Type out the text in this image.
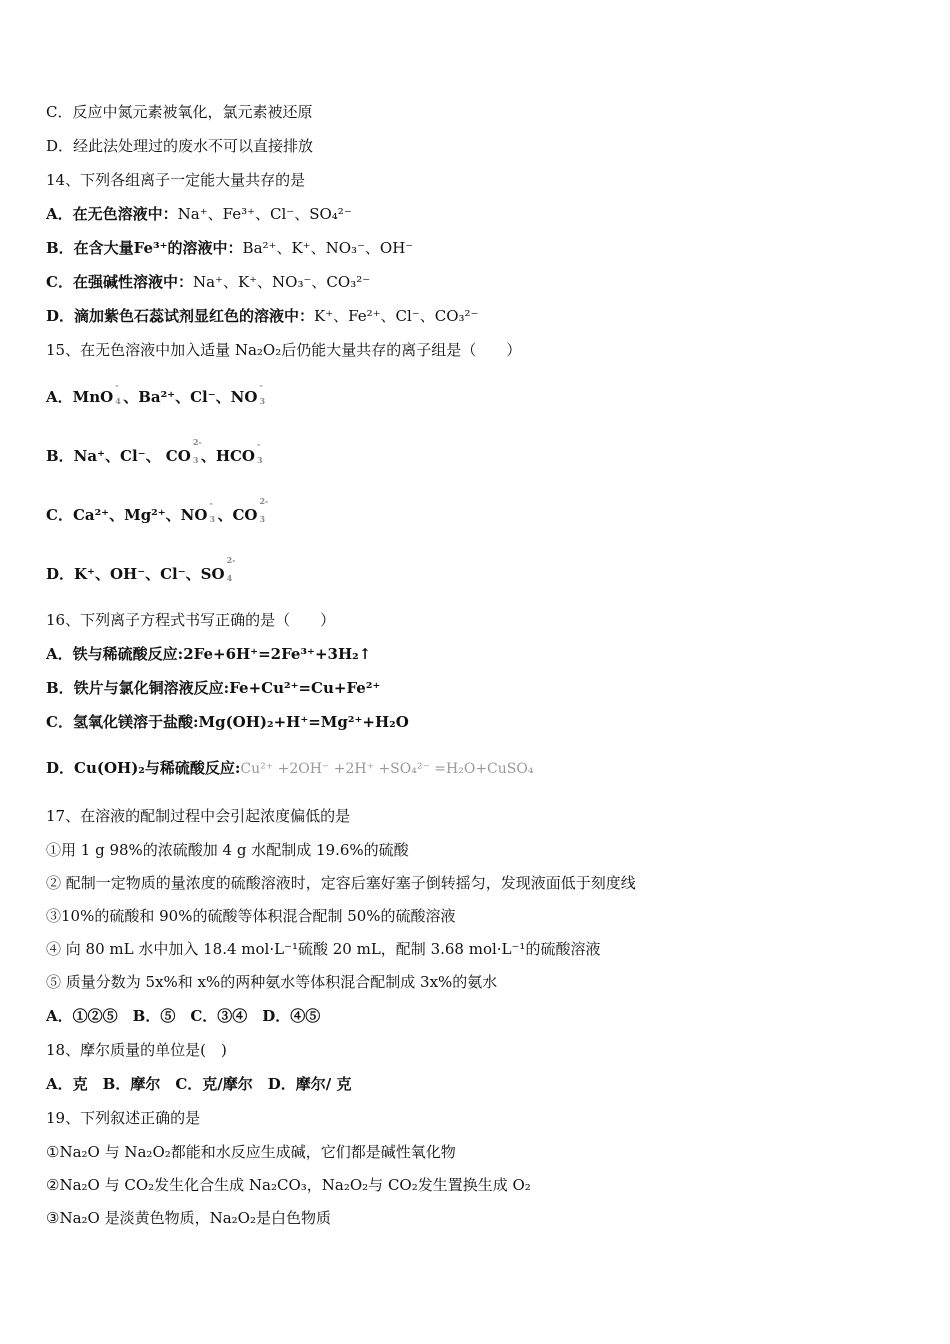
C．反应中氮元素被氧化，氯元素被还原
D．经此法处理过的废水不可以直接排放
14、下列各组离子一定能大量共存的是
A．在无色溶液中：Na⁺、Fe³⁺、Cl⁻、SO₄²⁻
B．在含大量Fe³⁺的溶液中：Ba²⁺、K⁺、NO₃⁻、OH⁻
C．在强碱性溶液中：Na⁺、K⁺、NO₃⁻、CO₃²⁻
D．滴加紫色石蕊试剂显红色的溶液中：K⁺、Fe²⁺、Cl⁻、CO₃²⁻
15、在无色溶液中加入适量 Na₂O₂后仍能大量共存的离子组是（　　）
A．MnO
-
4 、Ba²⁺、Cl⁻、NO
-
3
B．Na⁺、Cl⁻、 CO
2-
3 、HCO
-
3
C．Ca²⁺、Mg²⁺、NO
-
3 、CO
2-
3
D．K⁺、OH⁻、Cl⁻、SO
2-
4
16、下列离子方程式书写正确的是（　　）
A．铁与稀硫酸反应:2Fe+6H⁺=2Fe³⁺+3H₂↑
B．铁片与氯化铜溶液反应:Fe+Cu²⁺=Cu+Fe²⁺
C．氢氧化镁溶于盐酸:Mg(OH)₂+H⁺=Mg²⁺+H₂O
D．Cu(OH)₂与稀硫酸反应:Cu²⁺ +2OH⁻ +2H⁺ +SO₄²⁻ =H₂O+CuSO₄
17、在溶液的配制过程中会引起浓度偏低的是
①用 1 g 98%的浓硫酸加 4 g 水配制成 19.6%的硫酸
② 配制一定物质的量浓度的硫酸溶液时，定容后塞好塞子倒转摇匀，发现液面低于刻度线
③10%的硫酸和 90%的硫酸等体积混合配制 50%的硫酸溶液
④ 向 80 mL 水中加入 18.4 mol·L⁻¹硫酸 20 mL，配制 3.68 mol·L⁻¹的硫酸溶液
⑤ 质量分数为 5x%和 x%的两种氨水等体积混合配制成 3x%的氨水
A．①②⑤　B．⑤　C．③④　D．④⑤
18、摩尔质量的单位是(　)
A．克　B．摩尔　C．克/摩尔　D．摩尔/ 克
19、下列叙述正确的是
①Na₂O 与 Na₂O₂都能和水反应生成碱，它们都是碱性氧化物
②Na₂O 与 CO₂发生化合生成 Na₂CO₃，Na₂O₂与 CO₂发生置换生成 O₂
③Na₂O 是淡黄色物质，Na₂O₂是白色物质
